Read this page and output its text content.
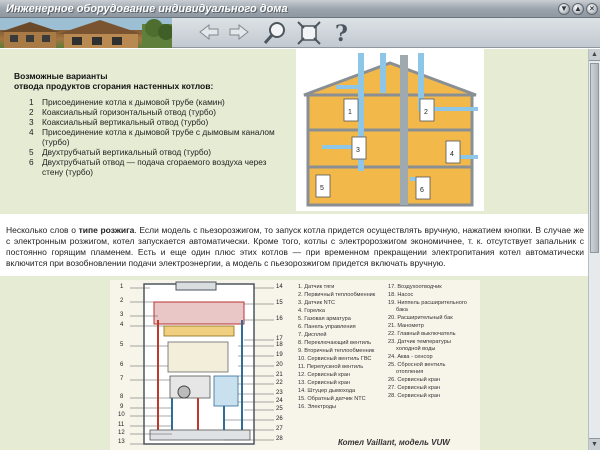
Инженерное оборудование индивидуального дома	▼ ▲ ×
?
Возможные варианты
отвода продуктов сгорания настенных котлов:
1 Присоединение котла к дымовой трубе (камин)
2 Коаксиальный горизонтальный отвод (турбо)
3 Коаксиальный вертикальный отвод (турбо)
4 Присоединение котла к дымовой трубе с дымовым каналом (турбо)
5 Двухтрубчатый вертикальный отвод (турбо)
6 Двухтрубчатый отвод — подача сгораемого воздуха через стену (турбо)
1	2
3
4
5	6

Несколько слов о типе розжига. Если модель с пьезорозжигом, то запуск котла придется осуществлять вручную, нажатием кнопки. В случае же с электронным розжигом, котел запускается автоматически. Кроме того, котлы с электророзжигом экономичнее, т. к. отсутствует запальник с постоянно горящим пламенем. Есть и еще один плюс этих котлов — при временном прекращении электропитания котел автоматически включится при возобновлении подачи электроэнергии, а модель с пьезорозжигом придется включать вручную.

1
2
3
4
5
6
7
8
9
10
11
12
13
14
15
16
17
18
19
20
21
22
23
24
25
26
27
28
1. Датчик тяги
2. Первичный теплообменник
3. Датчик NTC
4. Горелка
5. Газовая арматура
6. Панель управления
7. Дисплей
8. Переключающий вентиль
9. Вторичный теплообменник
10. Сервисный вентиль ГВС
11. Перепускной вентиль
12. Сервисный кран
13. Сервисный кран
14. Штуцер дымохода
15. Обратный датчик NTC
16. Электроды
17. Воздухоотводчик
18. Насос
19. Ниппель расширительного
бака
20. Расширительный бак
21. Манометр
22. Главный выключатель
23. Датчик температуры
холодной воды
24. Аква - сенсор
25. Сбросной вентиль
отопления
26. Сервисный кран
27. Сервисный кран
28. Сервисный кран
Котел Vaillant, модель VUW
▲
▼
